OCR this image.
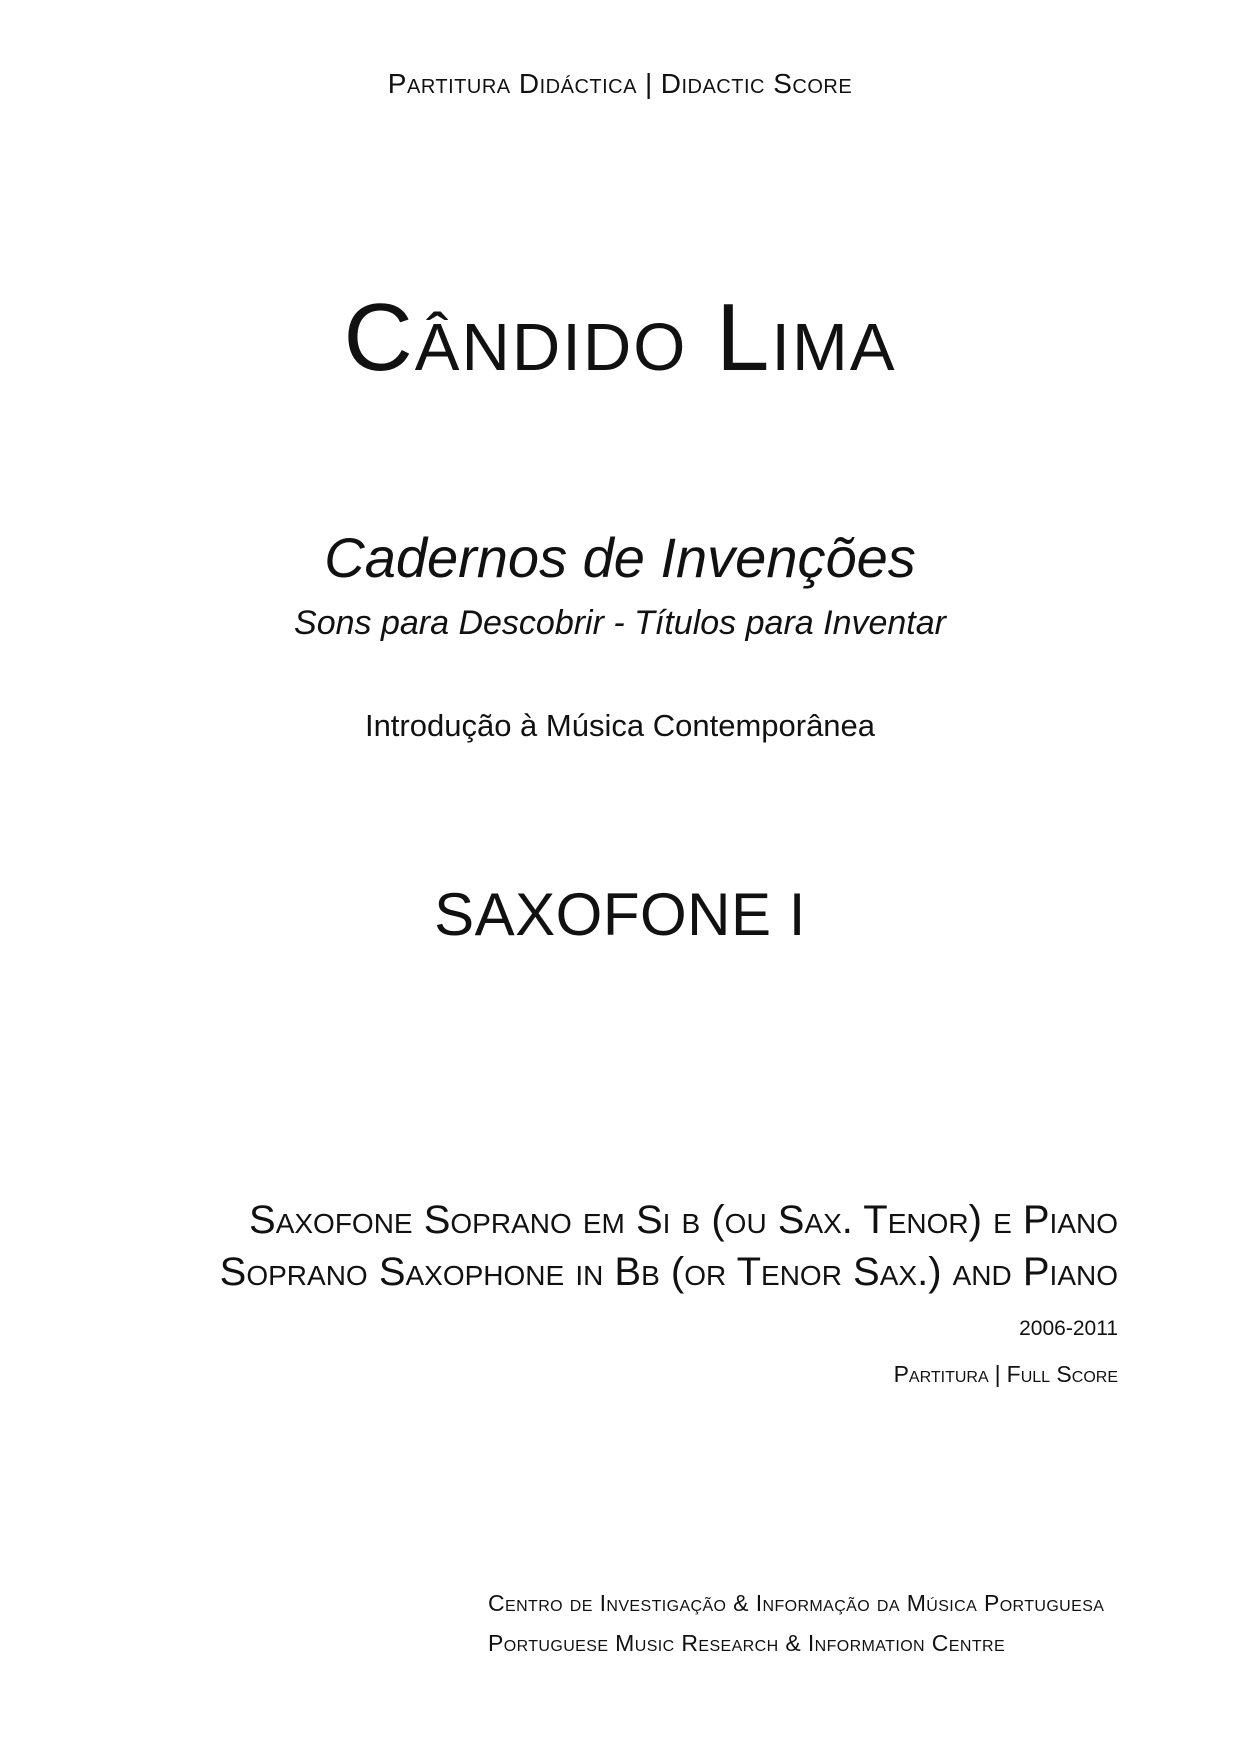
Partitura Didáctica | Didactic Score
Cândido Lima
Cadernos de Invenções
Sons para Descobrir - Títulos para Inventar
Introdução à Música Contemporânea
SAXOFONE I
Saxofone Soprano em Si b (ou Sax. Tenor) e Piano
Soprano Saxophone in Bb (or Tenor Sax.) and Piano
2006-2011
Partitura | Full Score
Centro de Investigação & Informação da Música Portuguesa
Portuguese Music Research & Information Centre
